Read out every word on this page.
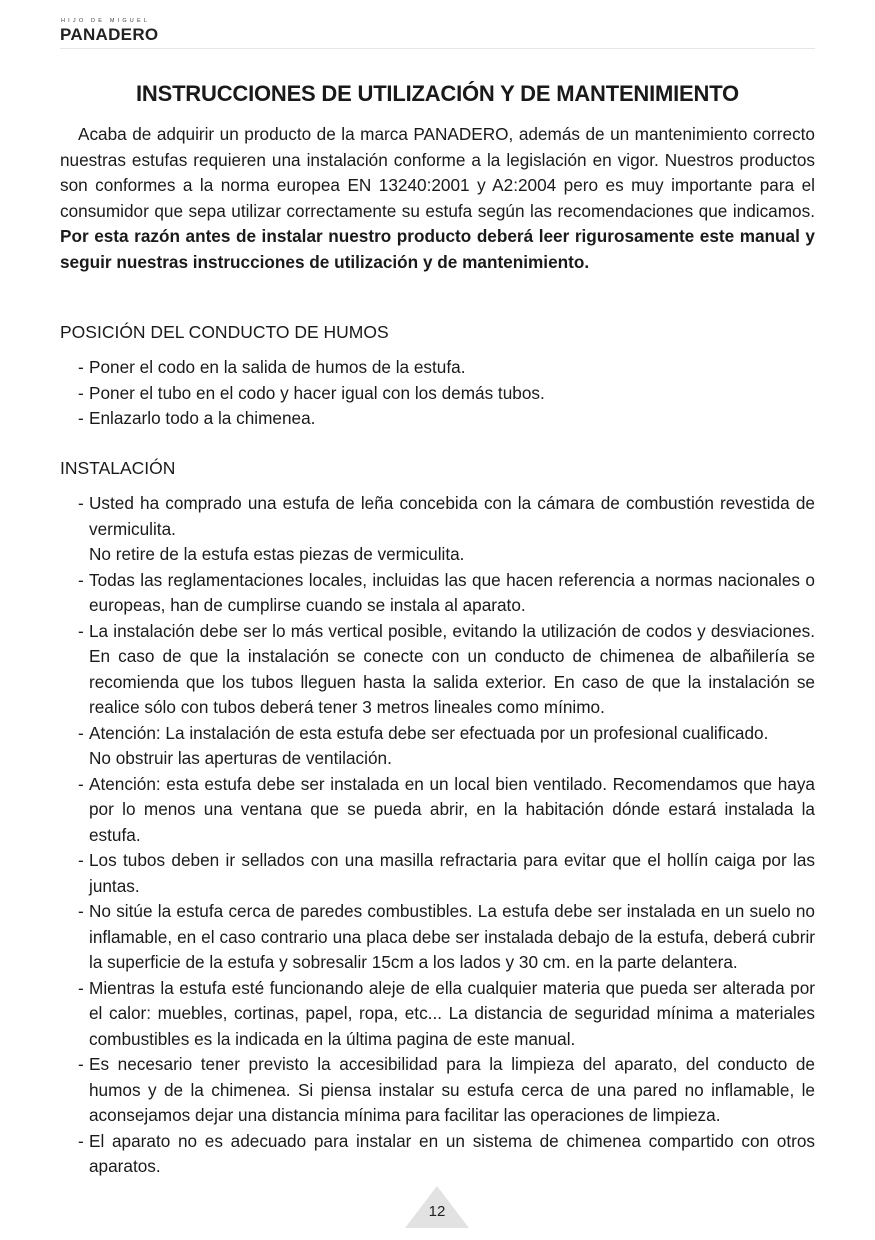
HIJO DE MIGUEL
PANADERO
INSTRUCCIONES DE UTILIZACIÓN Y DE MANTENIMIENTO

Acaba de adquirir un producto de la marca PANADERO, además de un mantenimiento correcto nuestras estufas requieren una instalación conforme a la legislación en vigor. Nuestros productos son conformes a la norma europea EN 13240:2001 y A2:2004 pero es muy importante para el consumidor que sepa utilizar correctamente su estufa según las recomendaciones que indicamos. Por esta razón antes de instalar nuestro producto deberá leer rigurosamente este manual y seguir nuestras instrucciones de utilización y de mantenimiento.

POSICIÓN DEL CONDUCTO DE HUMOS
- Poner el codo en la salida de humos de la estufa.
- Poner el tubo en el codo y hacer igual con los demás tubos.
- Enlazarlo todo a la chimenea.
INSTALACIÓN
- Usted ha comprado una estufa de leña concebida con la cámara de combustión revestida de vermiculita.
No retire de la estufa estas piezas de vermiculita.
- Todas las reglamentaciones locales, incluidas las que hacen referencia a normas nacionales o europeas, han de cumplirse cuando se instala al aparato.
- La instalación debe ser lo más vertical posible, evitando la utilización de codos y desviaciones. En caso de que la instalación se conecte con un conducto de chimenea de albañilería se recomienda que los tubos lleguen hasta la salida exterior. En caso de que la instalación se realice sólo con tubos deberá tener 3 metros lineales como mínimo.
- Atención: La instalación de esta estufa debe ser efectuada por un profesional cualificado.
No obstruir las aperturas de ventilación.
- Atención: esta estufa debe ser instalada en un local bien ventilado. Recomendamos que haya por lo menos una ventana que se pueda abrir, en la habitación dónde estará instalada la estufa.
- Los tubos deben ir sellados con una masilla refractaria para evitar que el hollín caiga por las juntas.
- No sitúe la estufa cerca de paredes combustibles. La estufa debe ser instalada en un suelo no inflamable, en el caso contrario una placa debe ser instalada debajo de la estufa, deberá cubrir la superficie de la estufa y sobresalir 15cm a los lados y 30 cm. en la parte delantera.
- Mientras la estufa esté funcionando aleje de ella cualquier materia que pueda ser alterada por el calor: muebles, cortinas, papel, ropa, etc... La distancia de seguridad mínima a materiales combustibles es la indicada en la última pagina de este manual.
- Es necesario tener previsto la accesibilidad para la limpieza del aparato, del conducto de humos y de la chimenea. Si piensa instalar su estufa cerca de una pared no inflamable, le aconsejamos dejar una distancia mínima para facilitar las operaciones de limpieza.
- El aparato no es adecuado para instalar en un sistema de chimenea compartido con otros aparatos.
12
